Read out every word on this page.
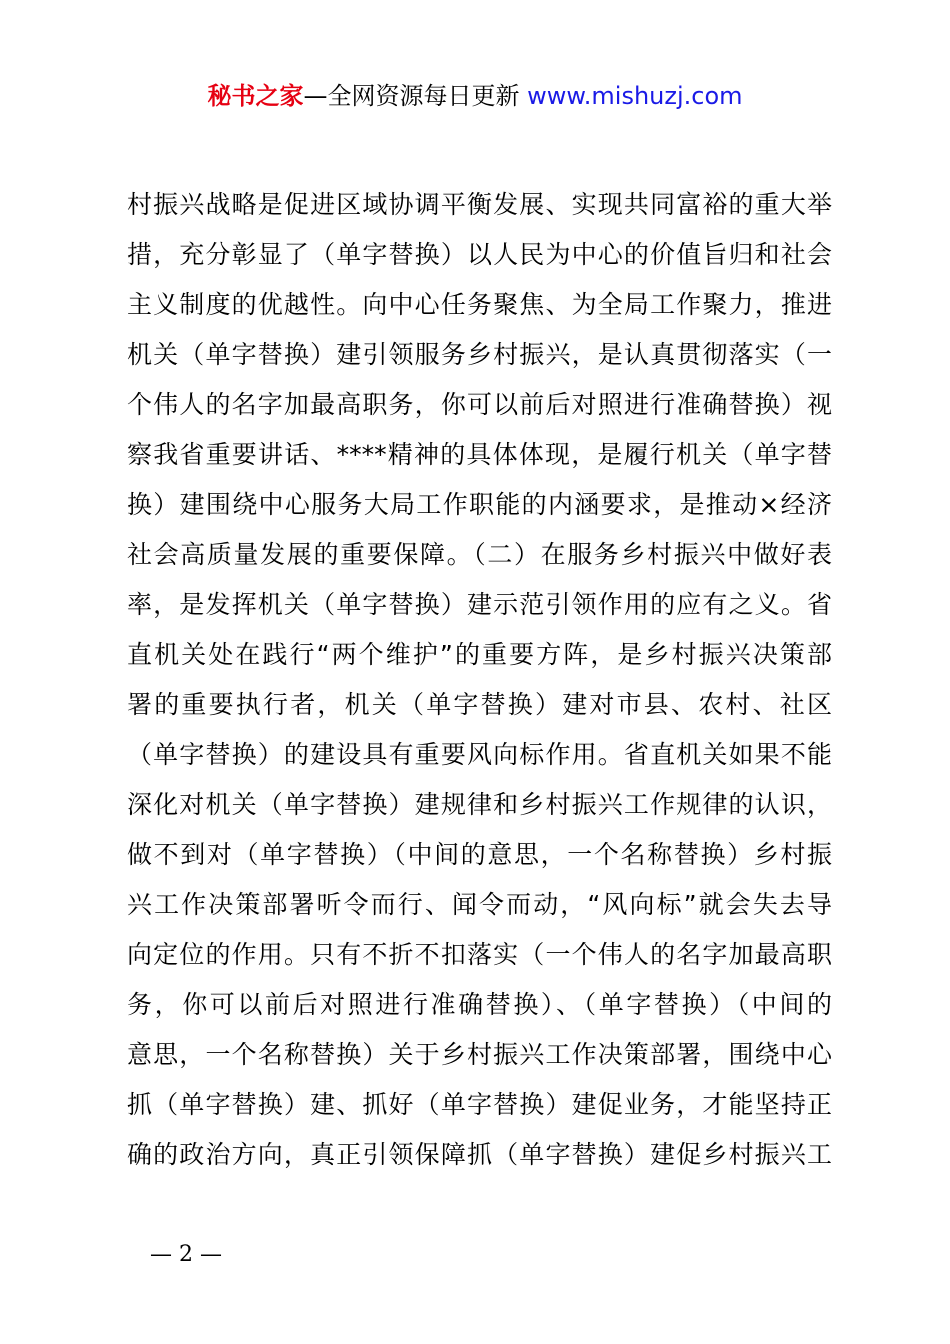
秘书之家—全网资源每日更新 www.mishuzj.com
村振兴战略是促进区域协调平衡发展、实现共同富裕的重大举
措，充分彰显了（单字替换）以人民为中心的价值旨归和社会
主义制度的优越性。向中心任务聚焦、为全局工作聚力，推进
机关（单字替换）建引领服务乡村振兴，是认真贯彻落实（一
个伟人的名字加最高职务，你可以前后对照进行准确替换）视
察我省重要讲话、****精神的具体体现，是履行机关（单字替
换）建围绕中心服务大局工作职能的内涵要求，是推动×经济
社会高质量发展的重要保障。（二）在服务乡村振兴中做好表
率，是发挥机关（单字替换）建示范引领作用的应有之义。省
直机关处在践行“两个维护”的重要方阵，是乡村振兴决策部
署的重要执行者，机关（单字替换）建对市县、农村、社区
（单字替换）的建设具有重要风向标作用。省直机关如果不能
深化对机关（单字替换）建规律和乡村振兴工作规律的认识，
做不到对（单字替换）（中间的意思，一个名称替换）乡村振
兴工作决策部署听令而行、闻令而动，“风向标”就会失去导
向定位的作用。只有不折不扣落实（一个伟人的名字加最高职
务，你可以前后对照进行准确替换）、（单字替换）（中间的
意思，一个名称替换）关于乡村振兴工作决策部署，围绕中心
抓（单字替换）建、抓好（单字替换）建促业务，才能坚持正
确的政治方向，真正引领保障抓（单字替换）建促乡村振兴工
— 2 —
